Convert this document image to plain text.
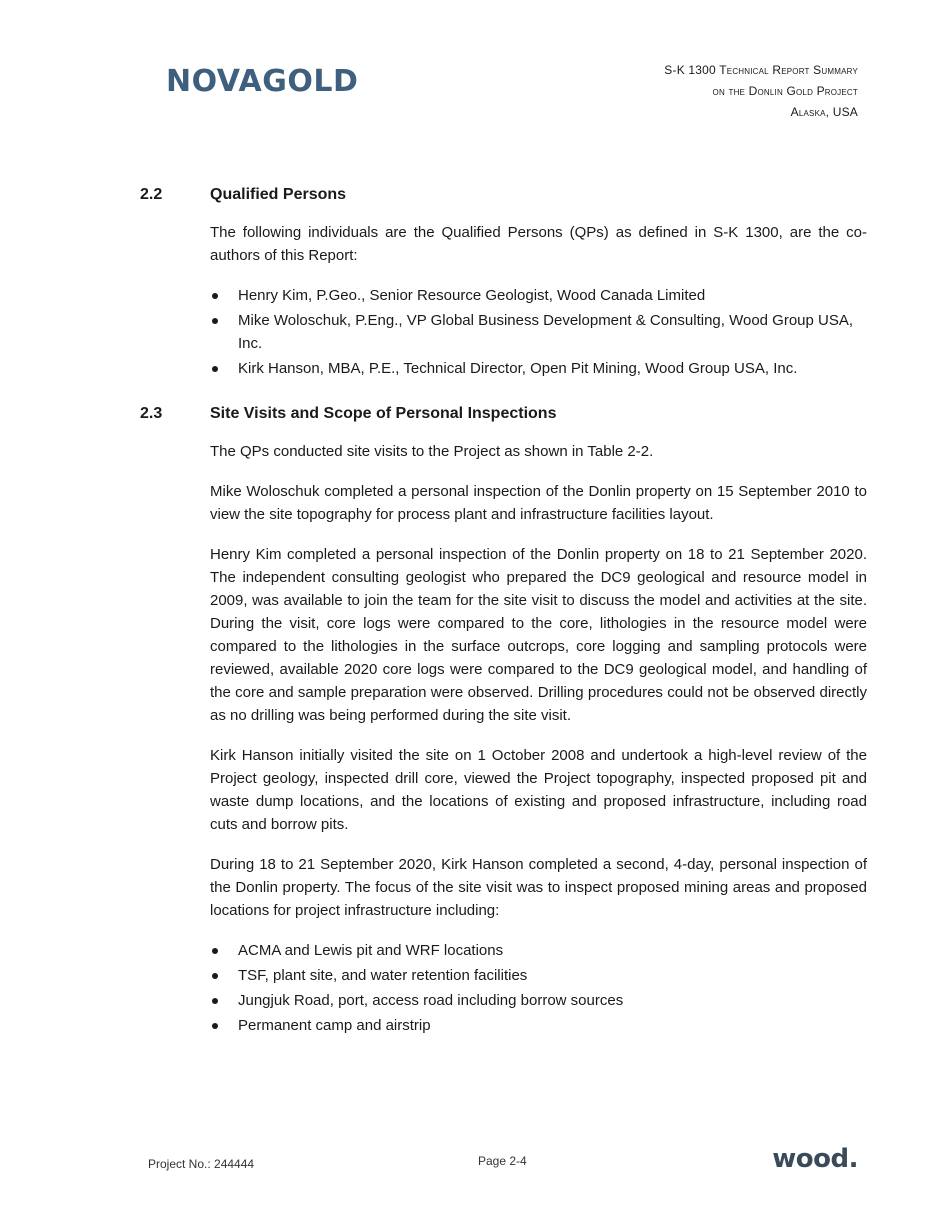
NOVAGOLD	S-K 1300 Technical Report Summary
on the Donlin Gold Project
Alaska, USA
2.2	Qualified Persons

The following individuals are the Qualified Persons (QPs) as defined in S-K 1300, are the co-authors of this Report:

Henry Kim, P.Geo., Senior Resource Geologist, Wood Canada Limited
Mike Woloschuk, P.Eng., VP Global Business Development & Consulting, Wood Group USA, Inc.
Kirk Hanson, MBA, P.E., Technical Director, Open Pit Mining, Wood Group USA, Inc.
2.3	Site Visits and Scope of Personal Inspections

The QPs conducted site visits to the Project as shown in Table 2-2.

Mike Woloschuk completed a personal inspection of the Donlin property on 15 September 2010 to view the site topography for process plant and infrastructure facilities layout.

Henry Kim completed a personal inspection of the Donlin property on 18 to 21 September 2020. The independent consulting geologist who prepared the DC9 geological and resource model in 2009, was available to join the team for the site visit to discuss the model and activities at the site. During the visit, core logs were compared to the core, lithologies in the resource model were compared to the lithologies in the surface outcrops, core logging and sampling protocols were reviewed, available 2020 core logs were compared to the DC9 geological model, and handling of the core and sample preparation were observed. Drilling procedures could not be observed directly as no drilling was being performed during the site visit.

Kirk Hanson initially visited the site on 1 October 2008 and undertook a high-level review of the Project geology, inspected drill core, viewed the Project topography, inspected proposed pit and waste dump locations, and the locations of existing and proposed infrastructure, including road cuts and borrow pits.

During 18 to 21 September 2020, Kirk Hanson completed a second, 4-day, personal inspection of the Donlin property. The focus of the site visit was to inspect proposed mining areas and proposed locations for project infrastructure including:

ACMA and Lewis pit and WRF locations
TSF, plant site, and water retention facilities
Jungjuk Road, port, access road including borrow sources
Permanent camp and airstrip
Project No.: 244444	Page 2-4	wood.
